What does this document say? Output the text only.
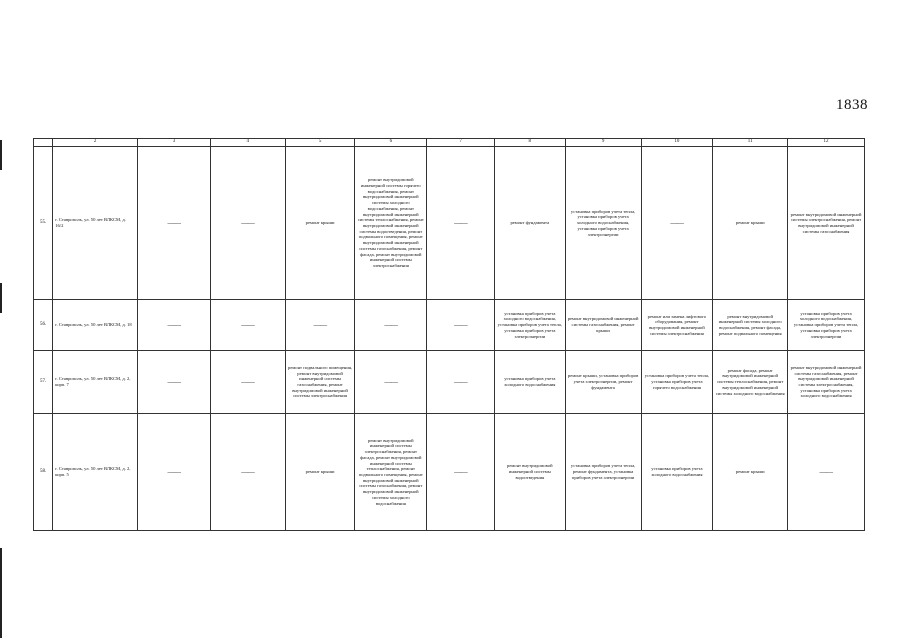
1838
	2	3	4	5	6	7	8	9	10	11	12
55.	г. Ставрополь, ул. 50 лет ВЛКСМ, д. 16/2	——	——	ремонт крыши	ремонт внутридомовой инженерной системы горячего водоснабжения, ремонт внутридомовой инженерной системы холодного водоснабжения, ремонт внутридомовой инженерной системы теплоснабжения, ремонт внутридомовой инженерной системы водоотведения, ремонт подвального помещения, ремонт внутридомовой инженерной системы газоснабжения, ремонт фасада, ремонт внутридомовой инженерной системы электроснабжения	——	ремонт фундамента	установка приборов учета тепла, установка приборов учета холодного водоснабжения, установка приборов учета электроэнергии	——	ремонт крыши	ремонт внутридомовой инженерной системы электроснабжения, ремонт внутридомовой инженерной системы газоснабжения
56.	г. Ставрополь, ул. 50 лет ВЛКСМ, д. 18	——	——	——	——	——	установка приборов учета холодного водоснабжения, установка приборов учета тепла, установка приборов учета электроэнергии	ремонт внутридомовой инженерной системы газоснабжения, ремонт крыши	ремонт или замена лифтового оборудования, ремонт внутридомовой инженерной системы электроснабжения	ремонт внутридомовой инженерной системы холодного водоснабжения, ремонт фасада, ремонт подвального помещения	установка приборов учета холодного водоснабжения, установка приборов учета тепла, установка приборов учета электроэнергии
57.	г. Ставрополь, ул. 50 лет ВЛКСМ, д. 2, корп. 7	——	——	ремонт подвального помещения, ремонт внутридомовой инженерной системы газоснабжения, ремонт внутридомовой инженерной системы электроснабжения	——	——	установка приборов учета холодного водоснабжения	ремонт крыши, установка приборов учета электроэнергии, ремонт фундамента	установка приборов учета тепла, установка приборов учета горячего водоснабжения	ремонт фасада, ремонт внутридомовой инженерной системы теплоснабжения, ремонт внутридомовой инженерной системы холодного водоснабжения	ремонт внутридомовой инженерной системы газоснабжения, ремонт внутридомовой инженерной системы электроснабжения, установка приборов учета холодного водоснабжения
58.	г. Ставрополь, ул. 50 лет ВЛКСМ, д. 2, корп. 5	——	——	ремонт крыши	ремонт внутридомовой инженерной системы электроснабжения, ремонт фасада, ремонт внутридомовой инженерной системы теплоснабжения, ремонт подвального помещения, ремонт внутридомовой инженерной системы газоснабжения, ремонт внутридомовой инженерной системы холодного водоснабжения	——	ремонт внутридомовой инженерной системы водоотведения	установка приборов учета тепла, ремонт фундамента, установка приборов учета электроэнергии	установка приборов учета холодного водоснабжения	ремонт крыши	——
